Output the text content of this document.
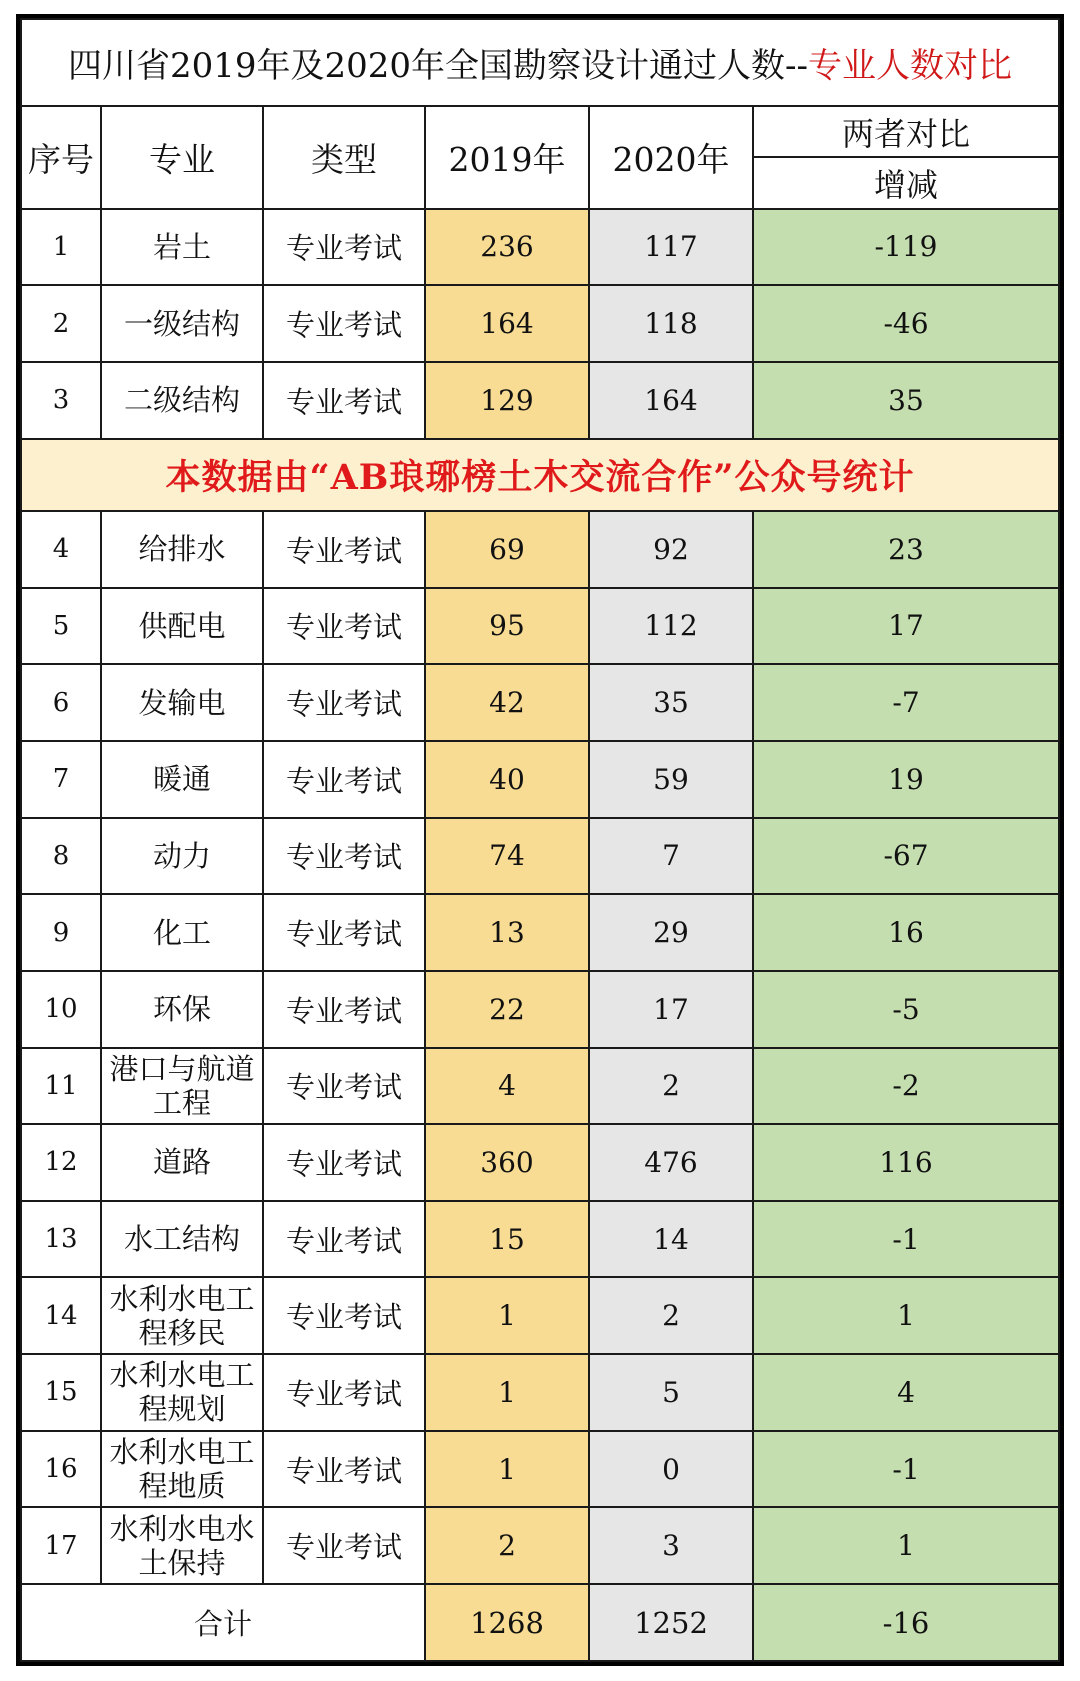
四川省2019年及2020年全国勘察设计通过人数--专业人数对比					
序号	专业	类型	2019年	2020年	两者对比
					增减
1	岩土	专业考试	236	117	-119
2	一级结构	专业考试	164	118	-46
3	二级结构	专业考试	129	164	35
本数据由“AB琅琊榜土木交流合作”公众号统计					
4	给排水	专业考试	69	92	23
5	供配电	专业考试	95	112	17
6	发输电	专业考试	42	35	-7
7	暖通	专业考试	40	59	19
8	动力	专业考试	74	7	-67
9	化工	专业考试	13	29	16
10	环保	专业考试	22	17	-5
11	港口与航道工程	专业考试	4	2	-2
12	道路	专业考试	360	476	116
13	水工结构	专业考试	15	14	-1
14	水利水电工程移民	专业考试	1	2	1
15	水利水电工程规划	专业考试	1	5	4
16	水利水电工程地质	专业考试	1	0	-1
17	水利水电水土保持	专业考试	2	3	1
合计			1268	1252	-16
